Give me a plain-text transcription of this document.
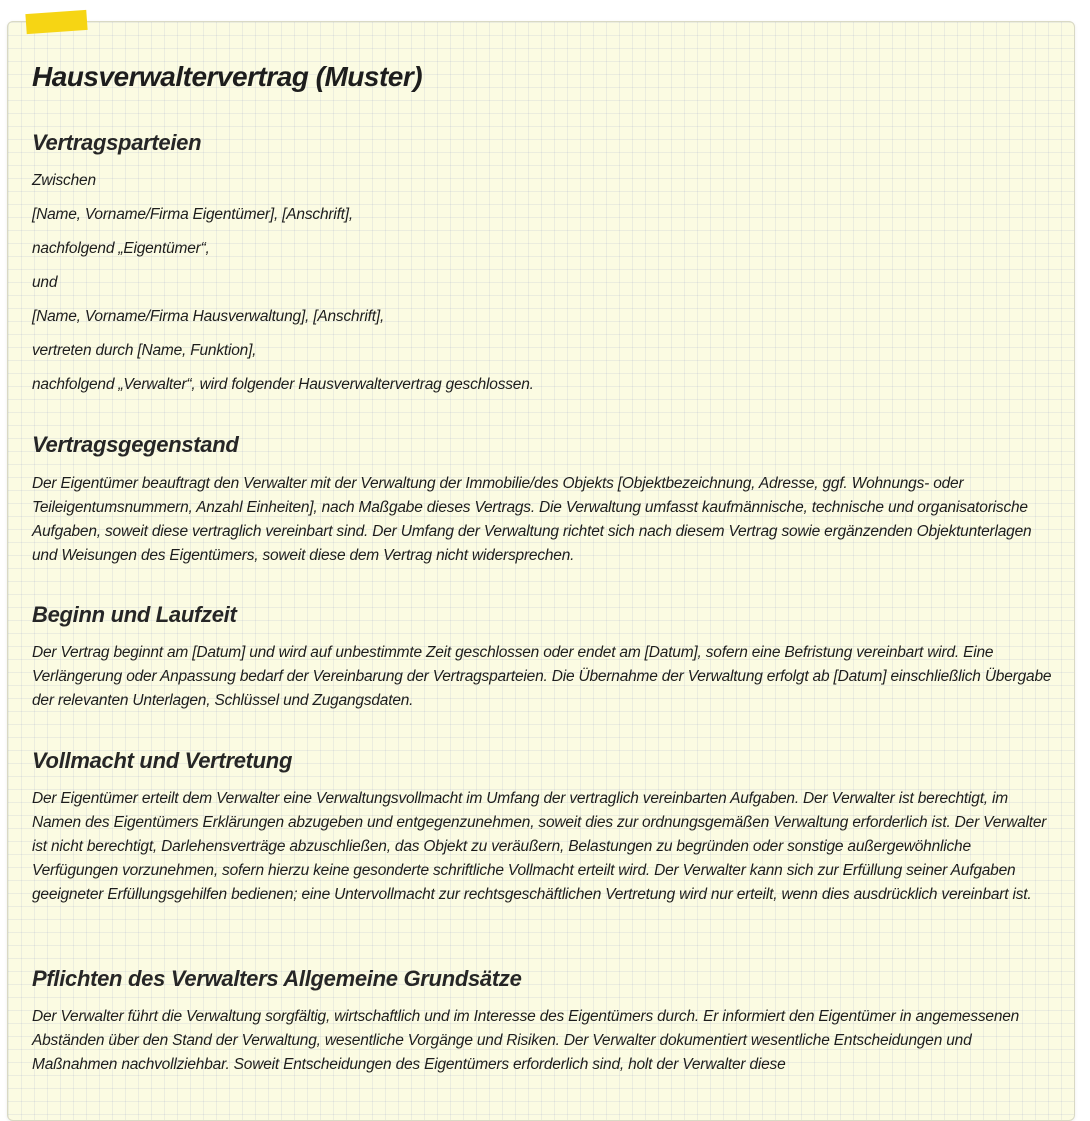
Hausverwaltervertrag (Muster)
Vertragsparteien

Zwischen

[Name, Vorname/Firma Eigentümer], [Anschrift],

nachfolgend „Eigentümer“,

und

[Name, Vorname/Firma Hausverwaltung], [Anschrift],

vertreten durch [Name, Funktion],

nachfolgend „Verwalter“, wird folgender Hausverwaltervertrag geschlossen.

Vertragsgegenstand

Der Eigentümer beauftragt den Verwalter mit der Verwaltung der Immobilie/des Objekts [Objektbezeichnung, Adresse, ggf. Wohnungs- oder Teileigentumsnummern, Anzahl Einheiten], nach Maßgabe dieses Vertrags. Die Verwaltung umfasst kaufmännische, technische und organisatorische Aufgaben, soweit diese vertraglich vereinbart sind. Der Umfang der Verwaltung richtet sich nach diesem Vertrag sowie ergänzenden Objektunterlagen und Weisungen des Eigentümers, soweit diese dem Vertrag nicht widersprechen.

Beginn und Laufzeit

Der Vertrag beginnt am [Datum] und wird auf unbestimmte Zeit geschlossen oder endet am [Datum], sofern eine Befristung vereinbart wird. Eine Verlängerung oder Anpassung bedarf der Vereinbarung der Vertragsparteien. Die Übernahme der Verwaltung erfolgt ab [Datum] einschließlich Übergabe der relevanten Unterlagen, Schlüssel und Zugangsdaten.

Vollmacht und Vertretung

Der Eigentümer erteilt dem Verwalter eine Verwaltungsvollmacht im Umfang der vertraglich vereinbarten Aufgaben. Der Verwalter ist berechtigt, im Namen des Eigentümers Erklärungen abzugeben und entgegenzunehmen, soweit dies zur ordnungsgemäßen Verwaltung erforderlich ist. Der Verwalter ist nicht berechtigt, Darlehensverträge abzuschließen, das Objekt zu veräußern, Belastungen zu begründen oder sonstige außergewöhnliche Verfügungen vorzunehmen, sofern hierzu keine gesonderte schriftliche Vollmacht erteilt wird. Der Verwalter kann sich zur Erfüllung seiner Aufgaben geeigneter Erfüllungsgehilfen bedienen; eine Untervollmacht zur rechtsgeschäftlichen Vertretung wird nur erteilt, wenn dies ausdrücklich vereinbart ist.

Pflichten des Verwalters Allgemeine Grundsätze

Der Verwalter führt die Verwaltung sorgfältig, wirtschaftlich und im Interesse des Eigentümers durch. Er informiert den Eigentümer in angemessenen Abständen über den Stand der Verwaltung, wesentliche Vorgänge und Risiken. Der Verwalter dokumentiert wesentliche Entscheidungen und Maßnahmen nachvollziehbar. Soweit Entscheidungen des Eigentümers erforderlich sind, holt der Verwalter diese
